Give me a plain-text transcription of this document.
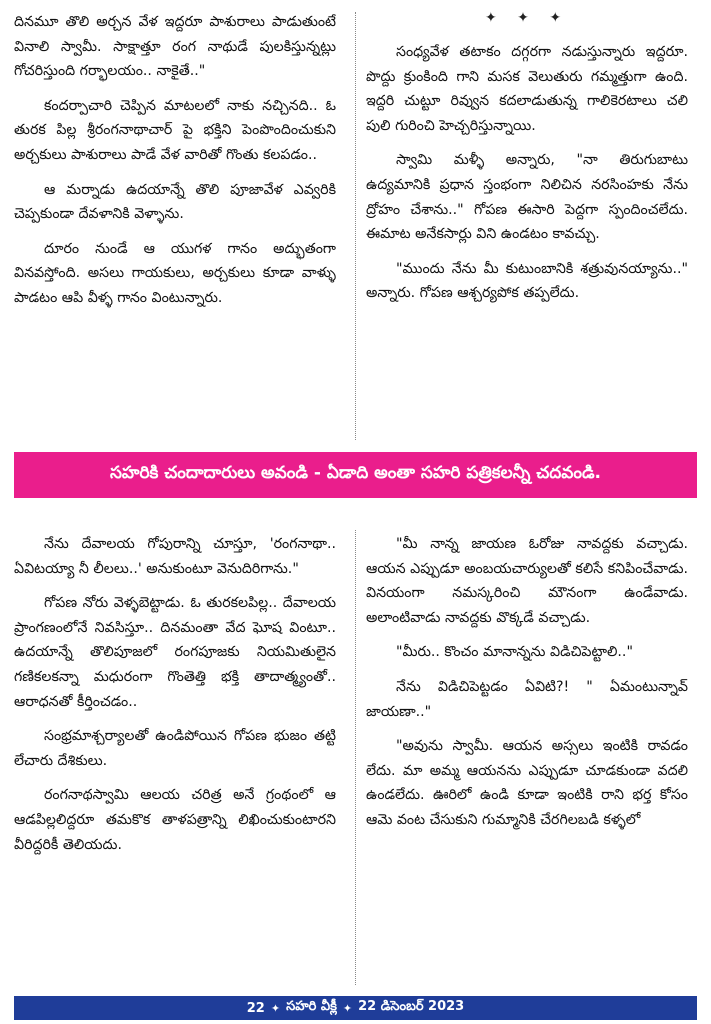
దినమూ తొలి అర్చన వేళ ఇద్దరూ పాశురాలు పాడుతుంటే వినాలి స్వామీ. సాక్షాత్తూ రంగ నాథుడే పులకిస్తున్నట్లు గోచరిస్తుంది గర్భాలయం.. నాకైతే.."

కందర్పాచారి చెప్పిన మాటలలో నాకు నచ్చినది.. ఓ తురక పిల్ల శ్రీరంగనాథాచార్ పై భక్తిని పెంపొందించుకుని అర్చకులు పాశురాలు పాడే వేళ వారితో గొంతు కలపడం..

ఆ మర్నాడు ఉదయాన్నే తొలి పూజావేళ ఎవ్వరికి చెప్పకుండా దేవళానికి వెళ్ళాను.

దూరం నుండే ఆ యుగళ గానం అద్భుతంగా వినవస్తోంది. అసలు గాయకులు, అర్చకులు కూడా వాళ్ళు పాడటం ఆపి వీళ్ళ గానం వింటున్నారు.

✦ ✦ ✦

సంధ్యవేళ తటాకం దగ్గరగా నడుస్తున్నారు ఇద్దరూ. పొద్దు క్రుంకింది గాని మసక వెలుతురు గమ్మత్తుగా ఉంది. ఇద్దరి చుట్టూ రివ్వున కదలాడుతున్న గాలికెరటాలు చలి పులి గురించి హెచ్చరిస్తున్నాయి.

స్వామి మళ్ళీ అన్నారు, "నా తిరుగుబాటు ఉద్యమానికి ప్రధాన స్తంభంగా నిలిచిన నరసింహకు నేను ద్రోహం చేశాను.." గోపణ ఈసారి పెద్దగా స్పందించలేదు. ఈమాట అనేకసార్లు విని ఉండటం కావచ్చు.

"ముందు నేను మీ కుటుంబానికి శత్రువునయ్యాను.." అన్నారు. గోపణ ఆశ్చర్యపోక తప్పలేదు.

సహరికి చందాదారులు అవండి - ఏడాది అంతా సహరి పత్రికలన్నీ చదవండి.

నేను దేవాలయ గోపురాన్ని చూస్తూ, 'రంగనాథా.. ఏవిటయ్యా నీ లీలలు..' అనుకుంటూ వెనుదిరిగాను."

గోపణ నోరు వెళ్ళబెట్టాడు. ఓ తురకలపిల్ల.. దేవాలయ ప్రాంగణంలోనే నివసిస్తూ.. దినమంతా వేద ఘోష వింటూ.. ఉదయాన్నే తొలిపూజలో రంగపూజకు నియమితులైన గణికలకన్నా మధురంగా గొంతెత్తి భక్తి తాదాత్మ్యంతో.. ఆరాధనతో కీర్తించడం..

సంభ్రమాశ్చర్యాలతో ఉండిపోయిన గోపణ భుజం తట్టి లేచారు దేశికులు.

రంగనాథస్వామి ఆలయ చరిత్ర అనే గ్రంథంలో ఆ ఆడపిల్లలిద్దరూ తమకొక తాళపత్రాన్ని లిఖించుకుంటారని వీరిద్దరికీ తెలియదు.

"మీ నాన్న జాయణ ఓరోజు నావద్దకు వచ్చాడు. ఆయన ఎప్పుడూ అంబయచార్యులతో కలిసే కనిపించేవాడు. వినయంగా నమస్కరించి మౌనంగా ఉండేవాడు. అలాంటివాడు నావద్దకు వొక్కడే వచ్చాడు.

"మీరు.. కొంచం మానాన్నను విడిచిపెట్టాలి.."

నేను విడిచిపెట్టడం ఏవిటి?! " ఏమంటున్నావ్ జాయణా.."

"అవును స్వామీ. ఆయన అస్సలు ఇంటికి రావడం లేదు. మా అమ్మ ఆయనను ఎప్పుడూ చూడకుండా వదలి ఉండలేదు. ఊరిలో ఉండి కూడా ఇంటికి రాని భర్త కోసం ఆమె వంట చేసుకుని గుమ్మానికి చేరగిలబడి కళ్ళలో

22 ✦ సహరి వీక్లీ ✦ 22 డిసెంబర్ 2023
